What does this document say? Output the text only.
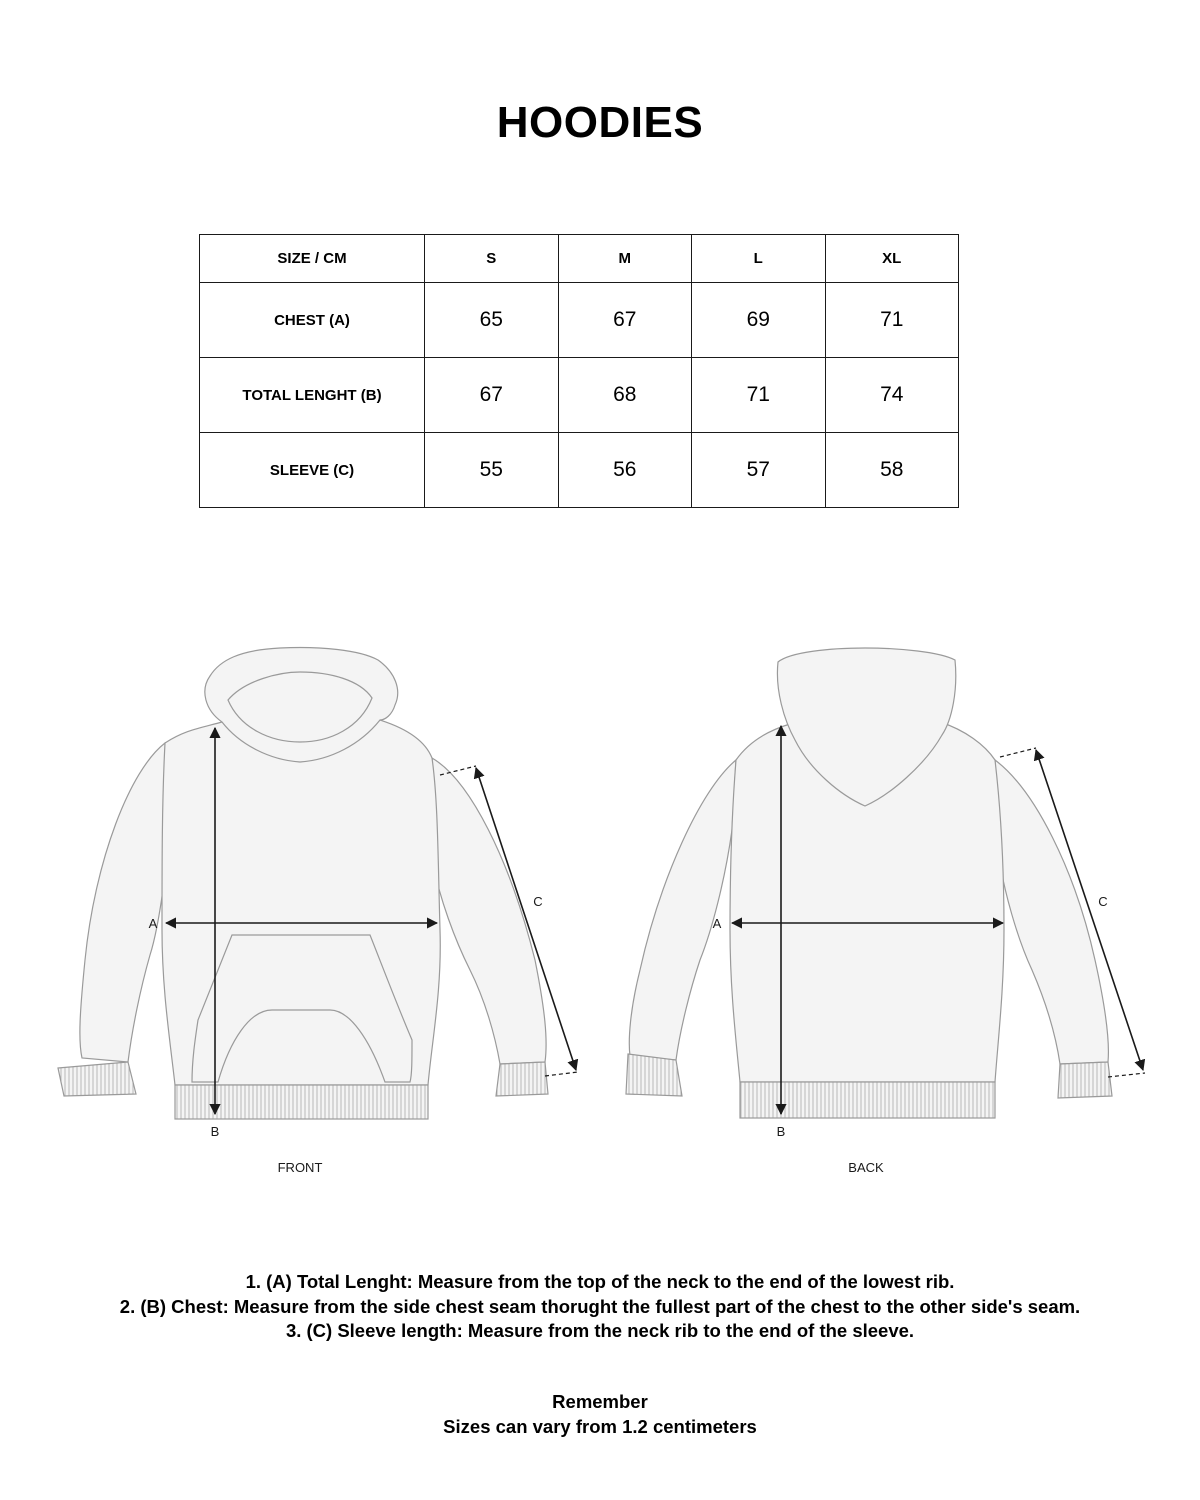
HOODIES
SIZE / CM	S	M	L	XL
CHEST (A)	65	67	69	71
TOTAL LENGHT (B)	67	68	71	74
SLEEVE (C)	55	56	57	58
A
B
C
FRONT
A
B
C
BACK
1. (A) Total Lenght: Measure from the top of the neck to the end of the lowest rib.
2. (B) Chest: Measure from the side chest seam thorught the fullest part of the chest to the other side's seam.
3. (C) Sleeve length: Measure from the neck rib to the end of the sleeve.
Remember
Sizes can vary from 1.2 centimeters
